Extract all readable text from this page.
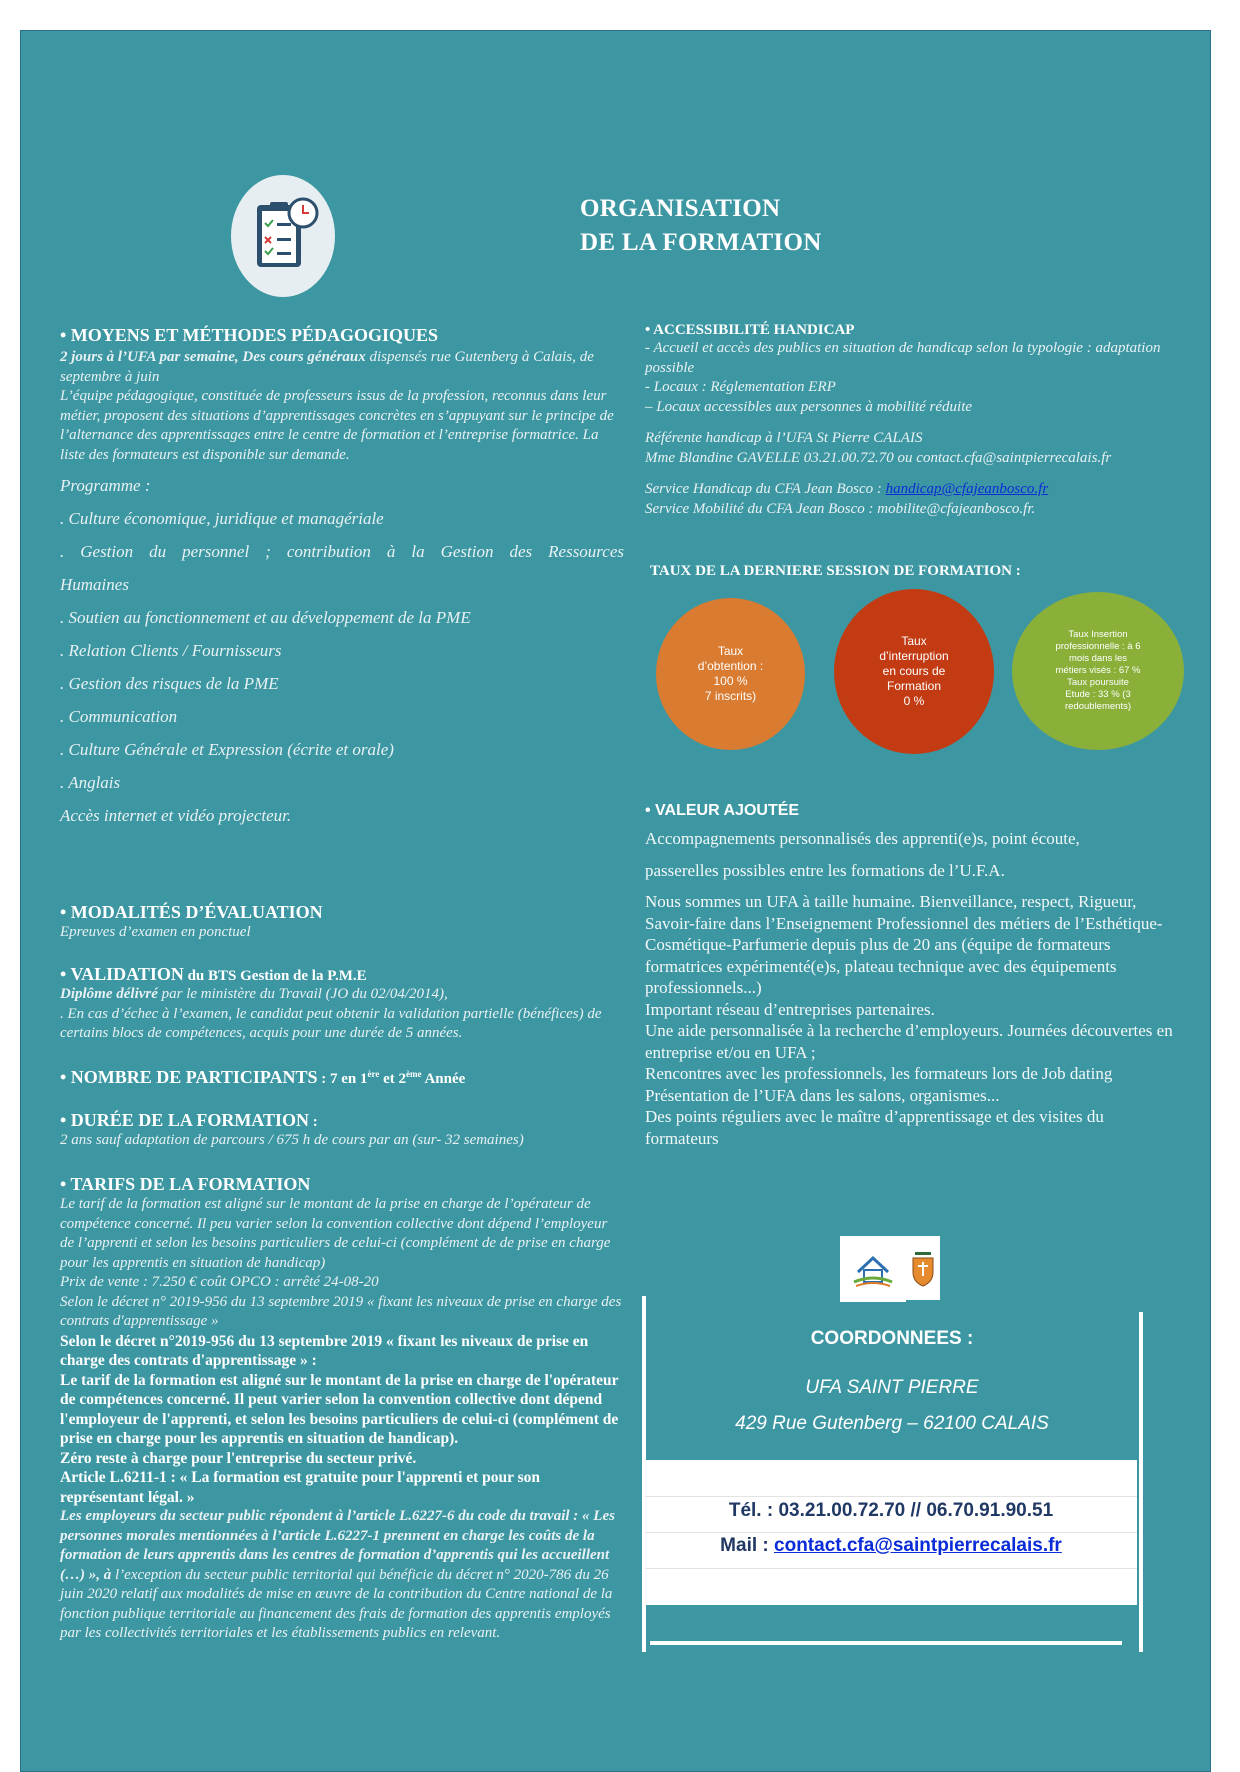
ORGANISATION
DE LA FORMATION
• MOYENS ET MÉTHODES PÉDAGOGIQUES
2 jours à l’UFA par semaine, Des cours généraux dispensés rue Gutenberg à Calais, de septembre à juin
L’équipe pédagogique, constituée de professeurs issus de la profession, reconnus dans leur métier, proposent des situations d’apprentissages concrètes en s’appuyant sur le principe de l’alternance des apprentissages entre le centre de formation et l’entreprise formatrice. La liste des formateurs est disponible sur demande.
Programme :
. Culture économique, juridique et managériale
. Gestion du personnel ; contribution à la Gestion des Ressources Humaines
. Soutien au fonctionnement et au développement de la PME
. Relation Clients / Fournisseurs
. Gestion des risques de la PME
. Communication
. Culture Générale et Expression (écrite et orale)
. Anglais
Accès internet et vidéo projecteur.
• MODALITÉS D’ÉVALUATION
Epreuves d’examen en ponctuel
• VALIDATION du BTS Gestion de la P.M.E
Diplôme délivré par le ministère du Travail (JO du 02/04/2014),
. En cas d’échec à l’examen, le candidat peut obtenir la validation partielle (bénéfices) de certains blocs de compétences, acquis pour une durée de 5 années.
• NOMBRE DE PARTICIPANTS : 7 en 1ère et 2ème Année
• DURÉE DE LA FORMATION :
2 ans sauf adaptation de parcours / 675 h de cours par an (sur- 32 semaines)
• TARIFS DE LA FORMATION
Le tarif de la formation est aligné sur le montant de la prise en charge de l’opérateur de compétence concerné. Il peu varier selon la convention collective dont dépend l’employeur de l’apprenti et selon les besoins particuliers de celui-ci (complément de de prise en charge pour les apprentis en situation de handicap)
Prix de vente : 7.250 € coût OPCO : arrêté 24-08-20
Selon le décret n° 2019-956 du 13 septembre 2019 « fixant les niveaux de prise en charge des contrats d'apprentissage »
Selon le décret n°2019-956 du 13 septembre 2019 « fixant les niveaux de prise en charge des contrats d'apprentissage » :
Le tarif de la formation est aligné sur le montant de la prise en charge de l'opérateur de compétences concerné. Il peut varier selon la convention collective dont dépend l'employeur de l'apprenti, et selon les besoins particuliers de celui-ci (complément de prise en charge pour les apprentis en situation de handicap).
Zéro reste à charge pour l'entreprise du secteur privé.
Article L.6211-1 : « La formation est gratuite pour l'apprenti et pour son représentant légal. »
Les employeurs du secteur public répondent à l’article L.6227-6 du code du travail : « Les personnes morales mentionnées à l’article L.6227-1 prennent en charge les coûts de la formation de leurs apprentis dans les centres de formation d’apprentis qui les accueillent (…) », à l’exception du secteur public territorial qui bénéficie du décret n° 2020-786 du 26 juin 2020 relatif aux modalités de mise en œuvre de la contribution du Centre national de la fonction publique territoriale au financement des frais de formation des apprentis employés par les collectivités territoriales et les établissements publics en relevant.
• ACCESSIBILITÉ HANDICAP
- Accueil et accès des publics en situation de handicap selon la typologie : adaptation possible
- Locaux : Réglementation ERP
– Locaux accessibles aux personnes à mobilité réduite
Référente handicap à l’UFA St Pierre CALAIS
Mme Blandine GAVELLE 03.21.00.72.70 ou contact.cfa@saintpierrecalais.fr
Service Handicap du CFA Jean Bosco : handicap@cfajeanbosco.fr
Service Mobilité du CFA Jean Bosco : mobilite@cfajeanbosco.fr.
TAUX DE LA DERNIERE SESSION DE FORMATION :
Taux
d’obtention :
100 %
7 inscrits)
Taux
d’interruption
en cours de
Formation
0 %
Taux Insertion
professionnelle : à 6
mois dans les
métiers visés : 67 %
Taux poursuite
Etude : 33 % (3
redoublements)
• VALEUR AJOUTÉE
Accompagnements personnalisés des apprenti(e)s, point écoute,
passerelles possibles entre les formations de l’U.F.A.
Nous sommes un UFA à taille humaine. Bienveillance, respect, Rigueur,
Savoir-faire dans l’Enseignement Professionnel des métiers de l’Esthétique-Cosmétique-Parfumerie depuis plus de 20 ans (équipe de formateurs formatrices expérimenté(e)s, plateau technique avec des équipements professionnels...)
Important réseau d’entreprises partenaires.
Une aide personnalisée à la recherche d’employeurs. Journées découvertes en entreprise et/ou en UFA ;
Rencontres avec les professionnels, les formateurs lors de Job dating
Présentation de l’UFA dans les salons, organismes...
Des points réguliers avec le maître d’apprentissage et des visites du formateurs
COORDONNEES :
UFA SAINT PIERRE
429 Rue Gutenberg – 62100 CALAIS
Tél. : 03.21.00.72.70 // 06.70.91.90.51
Mail : contact.cfa@saintpierrecalais.fr
